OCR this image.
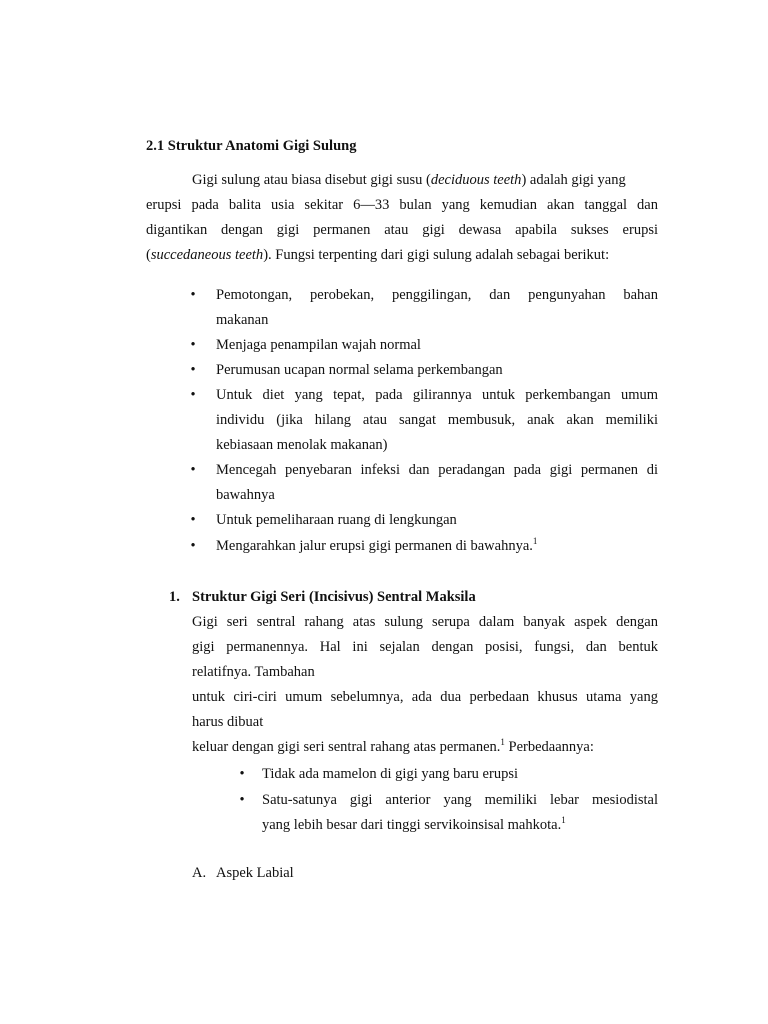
2.1 Struktur Anatomi Gigi Sulung
Gigi sulung atau biasa disebut gigi susu (deciduous teeth) adalah gigi yang
erupsi pada balita usia sekitar 6—33 bulan yang kemudian akan tanggal dan
digantikan dengan gigi permanen atau gigi dewasa apabila sukses erupsi
(succedaneous teeth). Fungsi terpenting dari gigi sulung adalah sebagai berikut:
• Pemotongan, perobekan, penggilingan, dan pengunyahan bahan
makanan
• Menjaga penampilan wajah normal
• Perumusan ucapan normal selama perkembangan
• Untuk diet yang tepat, pada gilirannya untuk perkembangan umum
individu (jika hilang atau sangat membusuk, anak akan memiliki
kebiasaan menolak makanan)
• Mencegah penyebaran infeksi dan peradangan pada gigi permanen di
bawahnya
• Untuk pemeliharaan ruang di lengkungan
• Mengarahkan jalur erupsi gigi permanen di bawahnya.$^1$
1. Struktur Gigi Seri (Incisivus) Sentral Maksila
Gigi seri sentral rahang atas sulung serupa dalam banyak aspek dengan
gigi permanennya. Hal ini sejalan dengan posisi, fungsi, dan bentuk
relatifnya. Tambahan
untuk ciri-ciri umum sebelumnya, ada dua perbedaan khusus utama yang
harus dibuat
keluar dengan gigi seri sentral rahang atas permanen.$^1$ Perbedaannya:
• Tidak ada mamelon di gigi yang baru erupsi
• Satu-satunya gigi anterior yang memiliki lebar mesiodistal
yang lebih besar dari tinggi servikoinsisal mahkota.$^1$
A. Aspek Labial
